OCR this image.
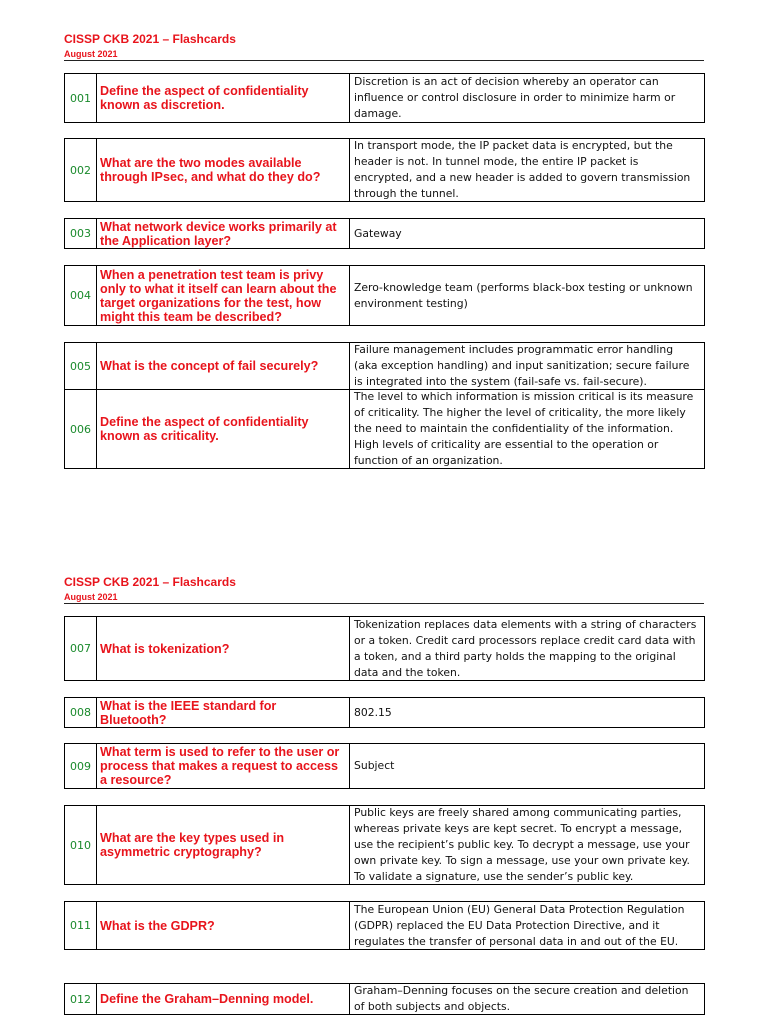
CISSP CKB 2021 – Flashcards
August 2021
001 Define the aspect of confidentiality known as discretion.
Discretion is an act of decision whereby an operator can influence or control disclosure in order to minimize harm or damage.
002 What are the two modes available through IPsec, and what do they do?
In transport mode, the IP packet data is encrypted, but the header is not. In tunnel mode, the entire IP packet is encrypted, and a new header is added to govern transmission through the tunnel.
003 What network device works primarily at the Application layer?
Gateway
004
When a penetration test team is privy only to what it itself can learn about the target organizations for the test, how might this team be described?
Zero-knowledge team (performs black-box testing or unknown environment testing)
005 What is the concept of fail securely?
Failure management includes programmatic error handling (aka exception handling) and input sanitization; secure failure is integrated into the system (fail-safe vs. fail-secure).
006 Define the aspect of confidentiality known as criticality.
The level to which information is mission critical is its measure of criticality. The higher the level of criticality, the more likely the need to maintain the confidentiality of the information. High levels of criticality are essential to the operation or function of an organization.
CISSP CKB 2021 – Flashcards
August 2021
007 What is tokenization?
Tokenization replaces data elements with a string of characters or a token. Credit card processors replace credit card data with a token, and a third party holds the mapping to the original data and the token.
008 What is the IEEE standard for Bluetooth?
802.15
009
What term is used to refer to the user or process that makes a request to access a resource?
Subject
010 What are the key types used in asymmetric cryptography?
Public keys are freely shared among communicating parties, whereas private keys are kept secret. To encrypt a message, use the recipient’s public key. To decrypt a message, use your own private key. To sign a message, use your own private key. To validate a signature, use the sender’s public key.
011 What is the GDPR?
The European Union (EU) General Data Protection Regulation (GDPR) replaced the EU Data Protection Directive, and it regulates the transfer of personal data in and out of the EU.
012 Define the Graham–Denning model.
Graham–Denning focuses on the secure creation and deletion of both subjects and objects.
